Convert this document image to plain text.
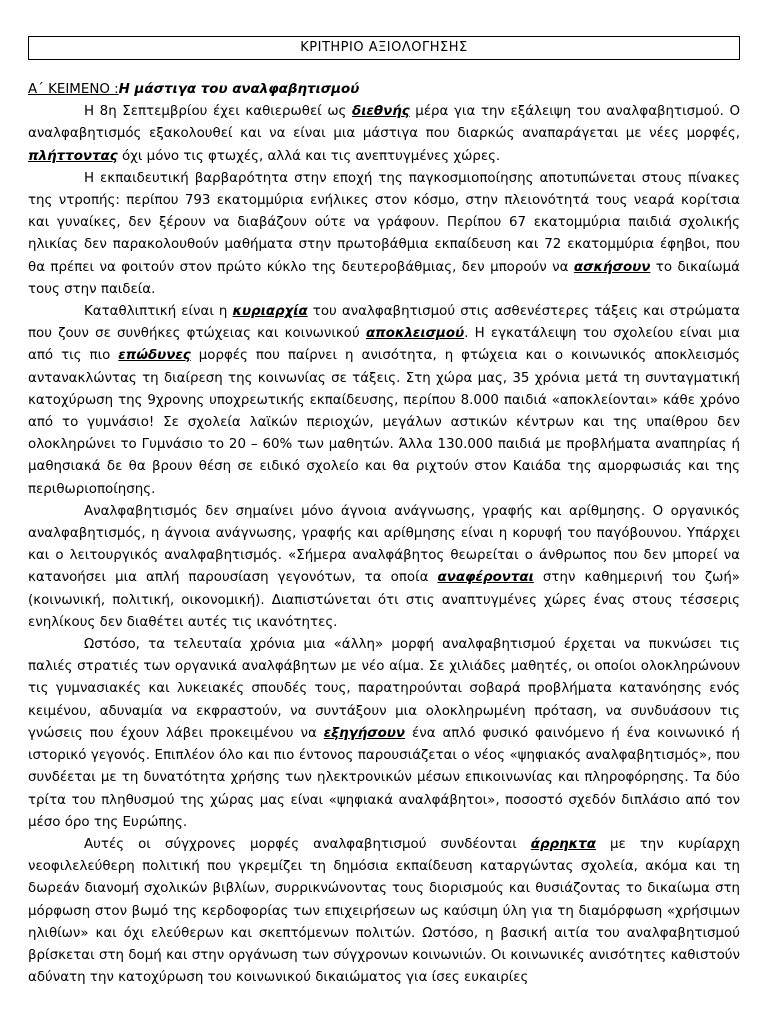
ΚΡΙΤΗΡΙΟ ΑΞΙΟΛΟΓΗΣΗΣ
Α΄ ΚΕΙΜΕΝΟ :Η μάστιγα του αναλφαβητισμού

Η 8η Σεπτεμβρίου έχει καθιερωθεί ως διεθνής μέρα για την εξάλειψη του αναλφαβητισμού. Ο αναλφαβητισμός εξακολουθεί και να είναι μια μάστιγα που διαρκώς αναπαράγεται με νέες μορφές, πλήττοντας όχι μόνο τις φτωχές, αλλά και τις ανεπτυγμένες χώρες.

Η εκπαιδευτική βαρβαρότητα στην εποχή της παγκοσμιοποίησης αποτυπώνεται στους πίνακες της ντροπής: περίπου 793 εκατομμύρια ενήλικες στον κόσμο, στην πλειονότητά τους νεαρά κορίτσια και γυναίκες, δεν ξέρουν να διαβάζουν ούτε να γράφουν. Περίπου 67 εκατομμύρια παιδιά σχολικής ηλικίας δεν παρακολουθούν μαθήματα στην πρωτοβάθμια εκπαίδευση και 72 εκατομμύρια έφηβοι, που θα πρέπει να φοιτούν στον πρώτο κύκλο της δευτεροβάθμιας, δεν μπορούν να ασκήσουν το δικαίωμά τους στην παιδεία.

Καταθλιπτική είναι η κυριαρχία του αναλφαβητισμού στις ασθενέστερες τάξεις και στρώματα που ζουν σε συνθήκες φτώχειας και κοινωνικού αποκλεισμού. Η εγκατάλειψη του σχολείου είναι μια από τις πιο επώδυνες μορφές που παίρνει η ανισότητα, η φτώχεια και ο κοινωνικός αποκλεισμός αντανακλώντας τη διαίρεση της κοινωνίας σε τάξεις. Στη χώρα μας, 35 χρόνια μετά τη συνταγματική κατοχύρωση της 9χρονης υποχρεωτικής εκπαίδευσης, περίπου 8.000 παιδιά «αποκλείονται» κάθε χρόνο από το γυμνάσιο! Σε σχολεία λαϊκών περιοχών, μεγάλων αστικών κέντρων και της υπαίθρου δεν ολοκληρώνει το Γυμνάσιο το 20 – 60% των μαθητών. Άλλα 130.000 παιδιά με προβλήματα αναπηρίας ή μαθησιακά δε θα βρουν θέση σε ειδικό σχολείο και θα ριχτούν στον Καιάδα της αμορφωσιάς και της περιθωριοποίησης.

Αναλφαβητισμός δεν σημαίνει μόνο άγνοια ανάγνωσης, γραφής και αρίθμησης. Ο οργανικός αναλφαβητισμός, η άγνοια ανάγνωσης, γραφής και αρίθμησης είναι η κορυφή του παγόβουνου. Υπάρχει και ο λειτουργικός αναλφαβητισμός. «Σήμερα αναλφάβητος θεωρείται ο άνθρωπος που δεν μπορεί να κατανοήσει μια απλή παρουσίαση γεγονότων, τα οποία αναφέρονται στην καθημερινή του ζωή» (κοινωνική, πολιτική, οικονομική). Διαπιστώνεται ότι στις αναπτυγμένες χώρες ένας στους τέσσερις ενηλίκους δεν διαθέτει αυτές τις ικανότητες.

Ωστόσο, τα τελευταία χρόνια μια «άλλη» μορφή αναλφαβητισμού έρχεται να πυκνώσει τις παλιές στρατιές των οργανικά αναλφάβητων με νέο αίμα. Σε χιλιάδες μαθητές, οι οποίοι ολοκληρώνουν τις γυμνασιακές και λυκειακές σπουδές τους, παρατηρούνται σοβαρά προβλήματα κατανόησης ενός κειμένου, αδυναμία να εκφραστούν, να συντάξουν μια ολοκληρωμένη πρόταση, να συνδυάσουν τις γνώσεις που έχουν λάβει προκειμένου να εξηγήσουν ένα απλό φυσικό φαινόμενο ή ένα κοινωνικό ή ιστορικό γεγονός. Επιπλέον όλο και πιο έντονος παρουσιάζεται ο νέος «ψηφιακός αναλφαβητισμός», που συνδέεται με τη δυνατότητα χρήσης των ηλεκτρονικών μέσων επικοινωνίας και πληροφόρησης. Τα δύο τρίτα του πληθυσμού της χώρας μας είναι «ψηφιακά αναλφάβητοι», ποσοστό σχεδόν διπλάσιο από τον μέσο όρο της Ευρώπης.

Αυτές οι σύγχρονες μορφές αναλφαβητισμού συνδέονται άρρηκτα με την κυρίαρχη νεοφιλελεύθερη πολιτική που γκρεμίζει τη δημόσια εκπαίδευση καταργώντας σχολεία, ακόμα και τη δωρεάν διανομή σχολικών βιβλίων, συρρικνώνοντας τους διορισμούς και θυσιάζοντας το δικαίωμα στη μόρφωση στον βωμό της κερδοφορίας των επιχειρήσεων ως καύσιμη ύλη για τη διαμόρφωση «χρήσιμων ηλιθίων» και όχι ελεύθερων και σκεπτόμενων πολιτών. Ωστόσο, η βασική αιτία του αναλφαβητισμού βρίσκεται στη δομή και στην οργάνωση των σύγχρονων κοινωνιών. Οι κοινωνικές ανισότητες καθιστούν αδύνατη την κατοχύρωση του κοινωνικού δικαιώματος για ίσες ευκαιρίες
